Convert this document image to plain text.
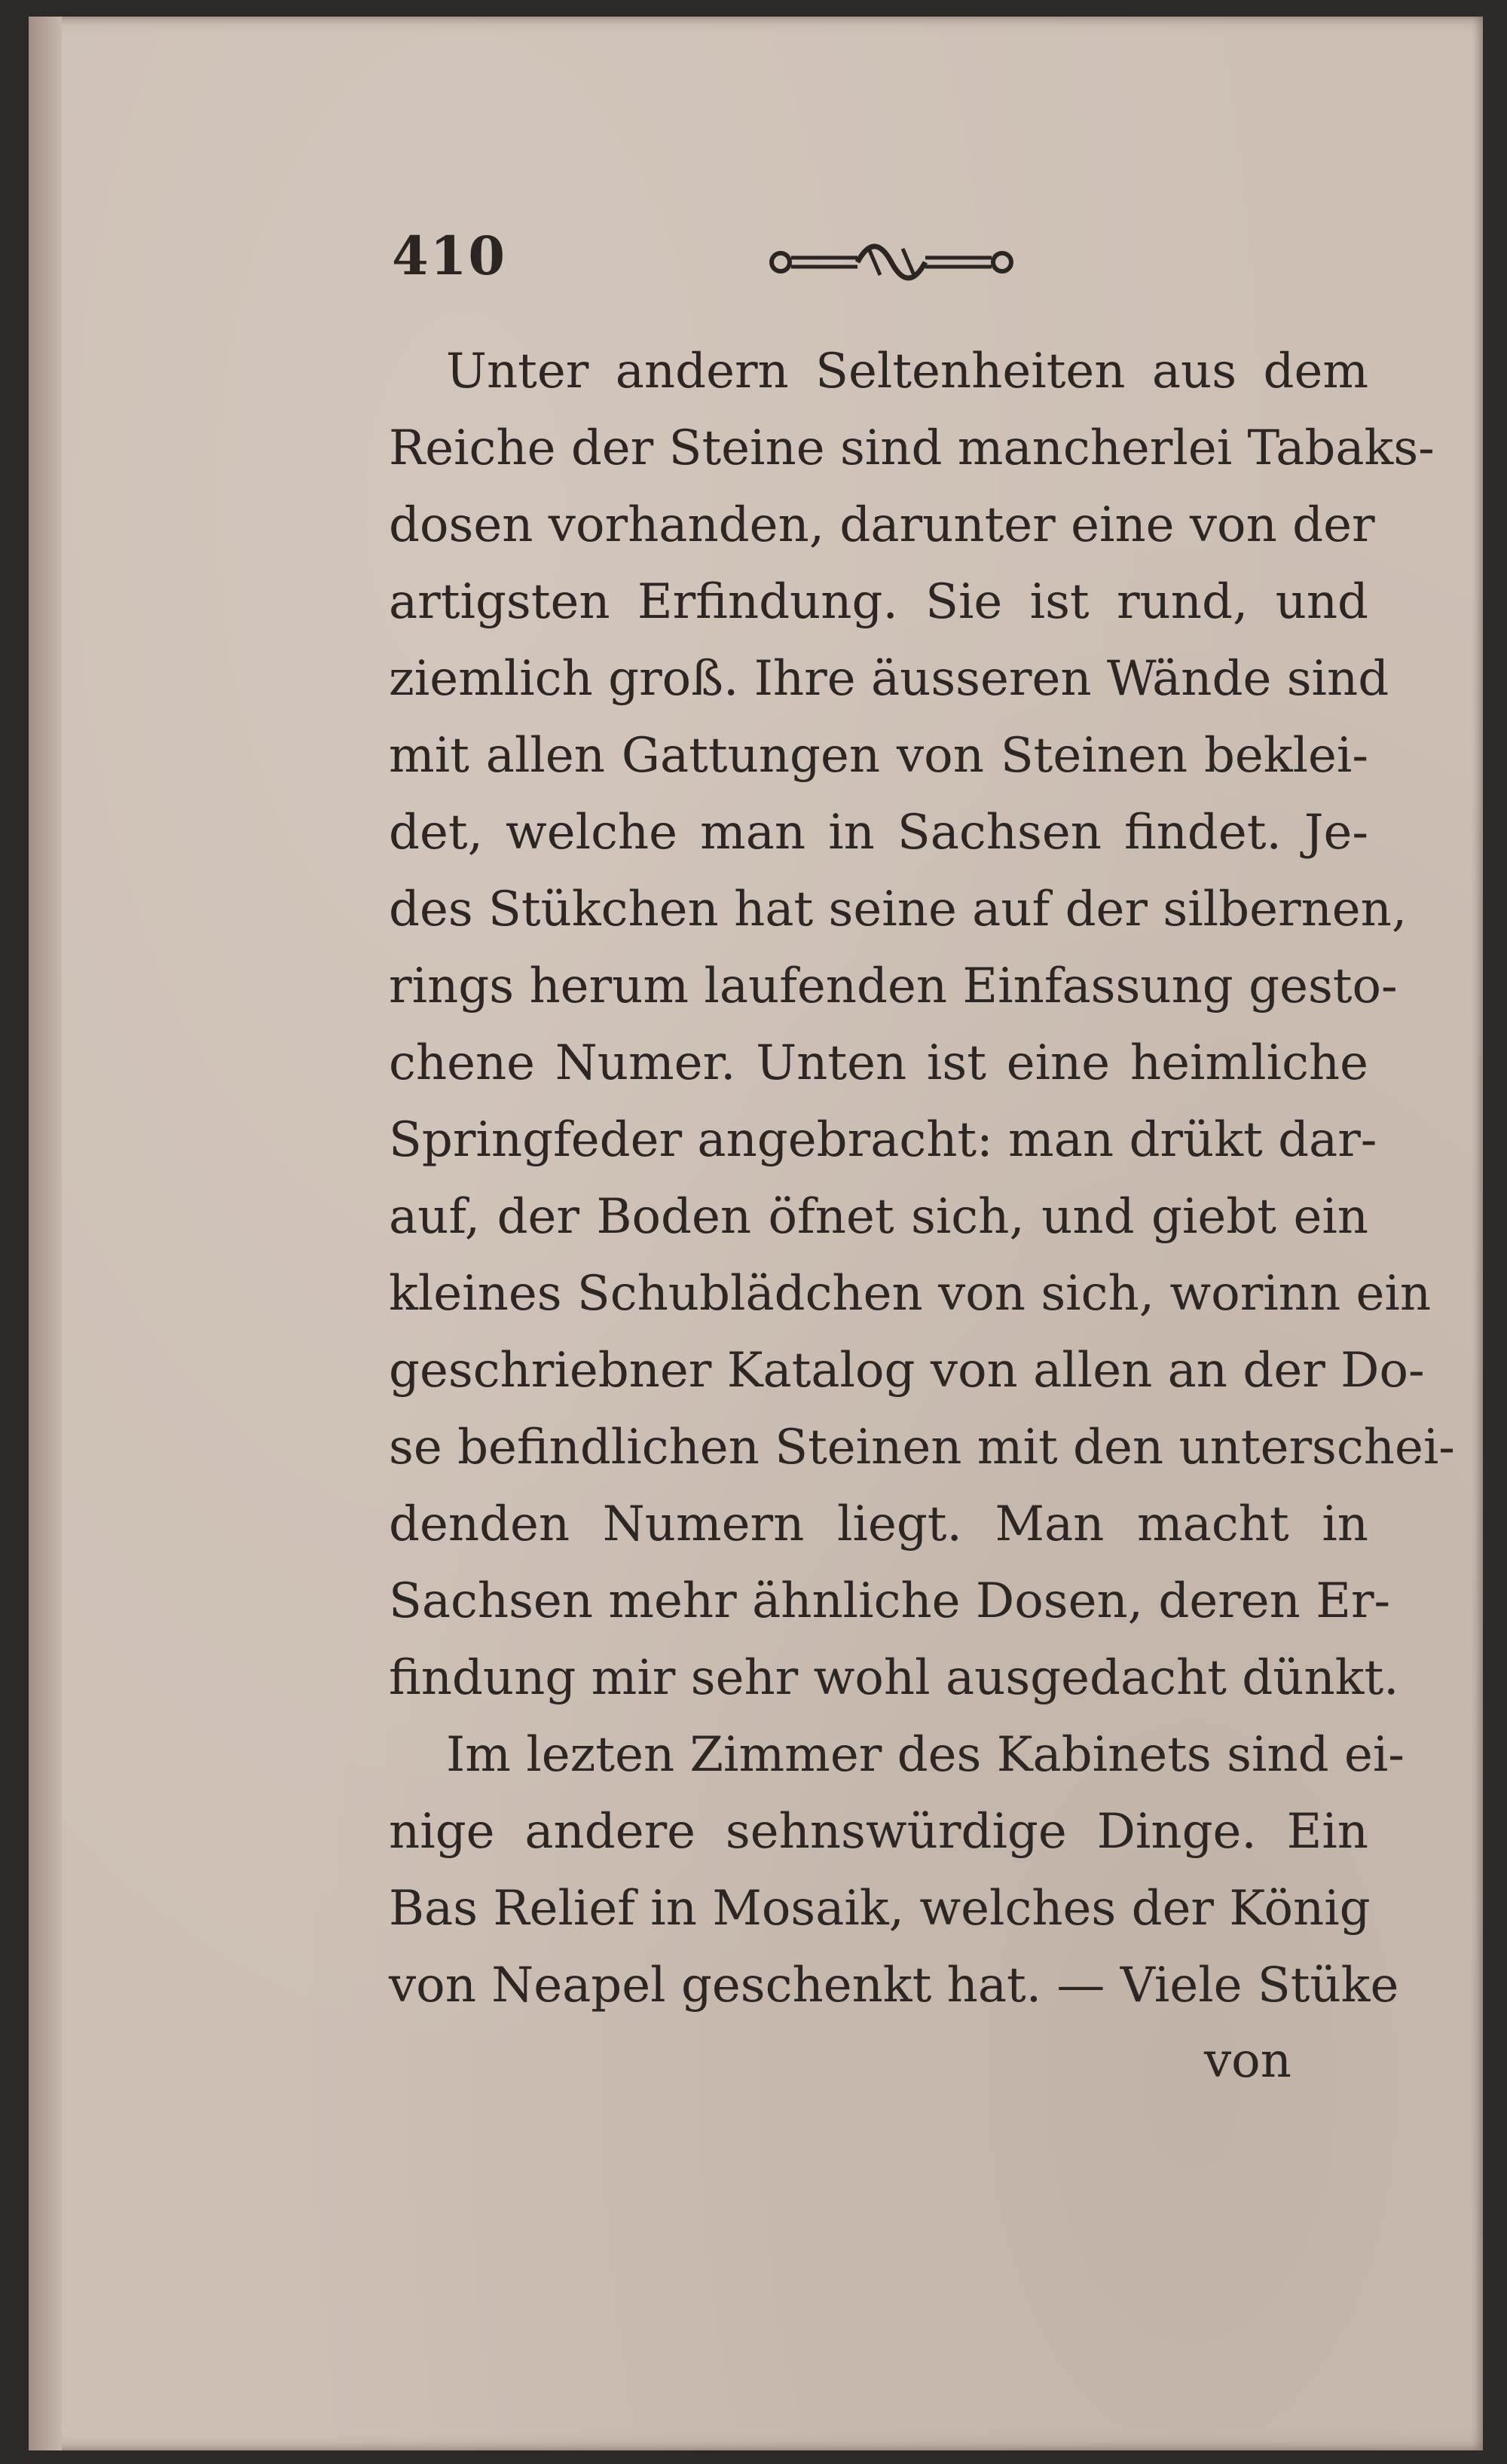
410
Unter andern Seltenheiten aus dem
Reiche der Steine sind mancherlei Tabaks-
dosen vorhanden, darunter eine von der
artigsten Erfindung. Sie ist rund, und
ziemlich groß. Ihre äusseren Wände sind
mit allen Gattungen von Steinen beklei-
det, welche man in Sachsen findet. Je-
des Stükchen hat seine auf der silbernen,
rings herum laufenden Einfassung gesto-
chene Numer. Unten ist eine heimliche
Springfeder angebracht: man drükt dar-
auf, der Boden öfnet sich, und giebt ein
kleines Schublädchen von sich, worinn ein
geschriebner Katalog von allen an der Do-
se befindlichen Steinen mit den unterschei-
denden Numern liegt. Man macht in
Sachsen mehr ähnliche Dosen, deren Er-
findung mir sehr wohl ausgedacht dünkt.
Im lezten Zimmer des Kabinets sind ei-
nige andere sehnswürdige Dinge. Ein
Bas Relief in Mosaik, welches der König
von Neapel geschenkt hat. — Viele Stüke
von
